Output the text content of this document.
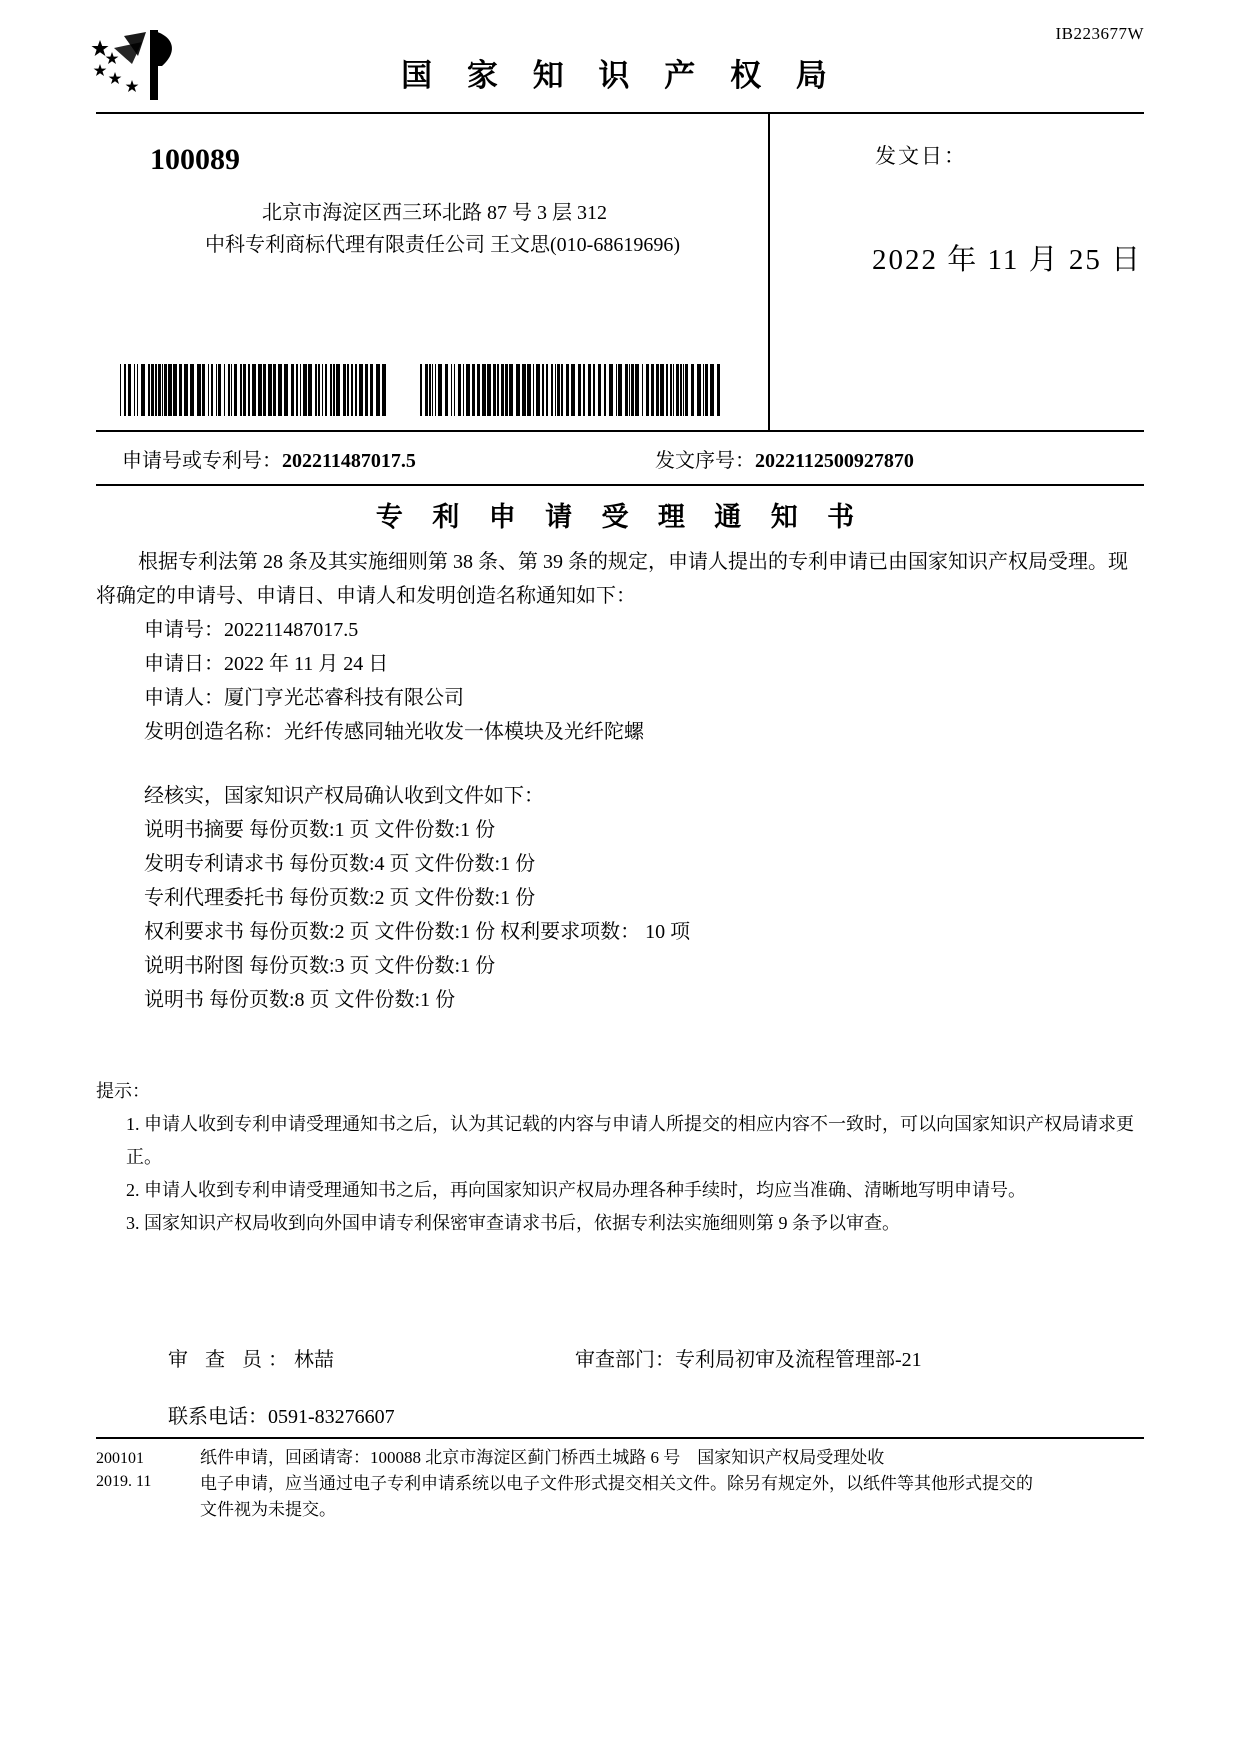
IB223677W
国 家 知 识 产 权 局
100089
北京市海淀区西三环北路 87 号 3 层 312
中科专利商标代理有限责任公司 王文思(010-68619696)
发文日：
2022 年 11 月 25 日
申请号或专利号：202211487017.5	发文序号：2022112500927870
专 利 申 请 受 理 通 知 书

根据专利法第 28 条及其实施细则第 38 条、第 39 条的规定，申请人提出的专利申请已由国家知识产权局受理。现将确定的申请号、申请日、申请人和发明创造名称通知如下：

申请号：202211487017.5

申请日：2022 年 11 月 24 日

申请人：厦门亨光芯睿科技有限公司

发明创造名称：光纤传感同轴光收发一体模块及光纤陀螺

经核实，国家知识产权局确认收到文件如下：

说明书摘要 每份页数:1 页 文件份数:1 份

发明专利请求书 每份页数:4 页 文件份数:1 份

专利代理委托书 每份页数:2 页 文件份数:1 份

权利要求书 每份页数:2 页 文件份数:1 份 权利要求项数： 10 项

说明书附图 每份页数:3 页 文件份数:1 份

说明书 每份页数:8 页 文件份数:1 份

提示：

1. 申请人收到专利申请受理通知书之后，认为其记载的内容与申请人所提交的相应内容不一致时，可以向国家知识产权局请求更正。

2. 申请人收到专利申请受理通知书之后，再向国家知识产权局办理各种手续时，均应当准确、清晰地写明申请号。

3. 国家知识产权局收到向外国申请专利保密审查请求书后，依据专利法实施细则第 9 条予以审查。

审 查 员：林喆	审查部门：专利局初审及流程管理部-21
联系电话：0591-83276607
200101
2019. 11
纸件申请，回函请寄：100088 北京市海淀区蓟门桥西土城路 6 号　国家知识产权局受理处收
电子申请，应当通过电子专利申请系统以电子文件形式提交相关文件。除另有规定外，以纸件等其他形式提交的
文件视为未提交。
